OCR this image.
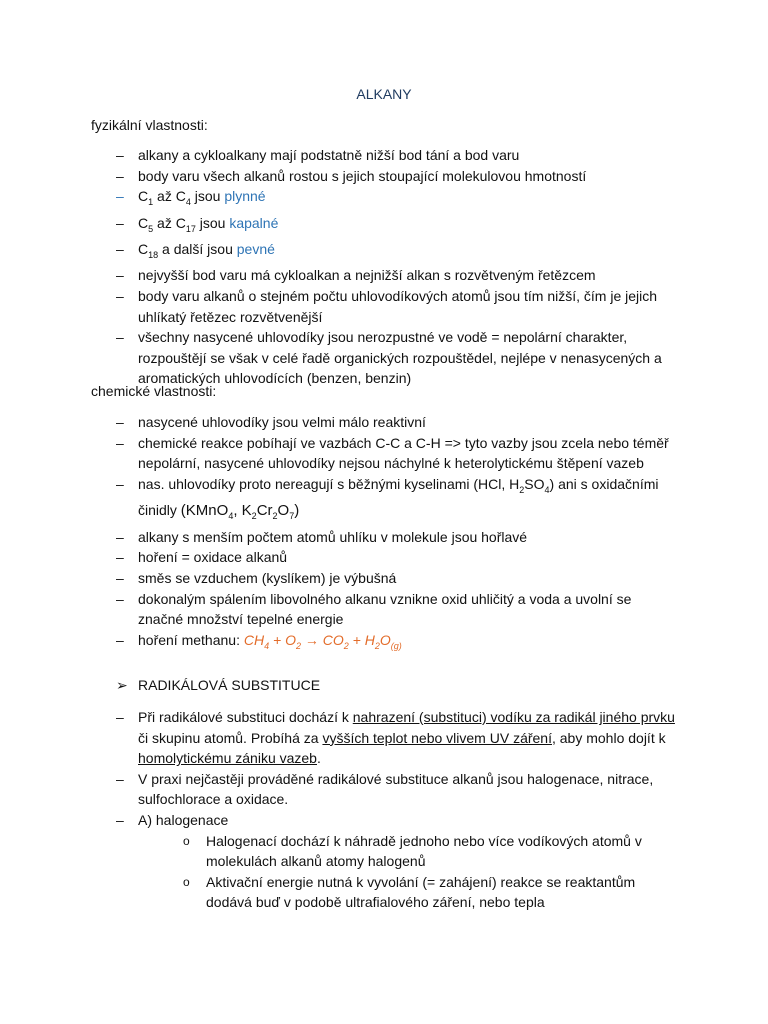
ALKANY
fyzikální vlastnosti:
– alkany a cykloalkany mají podstatně nižší bod tání a bod varu
– body varu všech alkanů rostou s jejich stoupající molekulovou hmotností
– $C_1$ až $C_4$ jsou plynné
– $C_5$ až $C_{17}$ jsou kapalné
– $C_{18}$ a další jsou pevné
– nejvyšší bod varu má cykloalkan a nejnižší alkan s rozvětveným řetězcem
– body varu alkanů o stejném počtu uhlovodíkových atomů jsou tím nižší, čím je jejich uhlíkatý řetězec rozvětvenější
– všechny nasycené uhlovodíky jsou nerozpustné ve vodě = nepolární charakter, rozpouštějí se však v celé řadě organických rozpouštědel, nejlépe v nenasycených a aromatických uhlovodících (benzen, benzin)
chemické vlastnosti:
– nasycené uhlovodíky jsou velmi málo reaktivní
– chemické reakce pobíhají ve vazbách C-C a C-H => tyto vazby jsou zcela nebo téměř nepolární, nasycené uhlovodíky nejsou náchylné k heterolytickému štěpení vazeb
– nas. uhlovodíky proto nereagují s běžnými kyselinami (HCl, $H_2SO_4$) ani s oxidačními činidly (KMnO$_4$, $K_2Cr_2O_7$)
– alkany s menším počtem atomů uhlíku v molekule jsou hořlavé
– hoření = oxidace alkanů
– směs se vzduchem (kyslíkem) je výbušná
– dokonalým spálením libovolného alkanu vznikne oxid uhličitý a voda a uvolní se značné množství tepelné energie
– hoření methanu: $CH_4 + O_2 \to CO_2 + H_2O_{(g)}$
➢ RADIKÁLOVÁ SUBSTITUCE
– Při radikálové substituci dochází k nahrazení (substituci) vodíku za radikál jiného prvku či skupinu atomů. Probíhá za vyšších teplot nebo vlivem UV záření, aby mohlo dojít k homolytickému zániku vazeb.
– V praxi nejčastěji prováděné radikálové substituce alkanů jsou halogenace, nitrace, sulfochlorace a oxidace.
– A) halogenace
o Halogenací dochází k náhradě jednoho nebo více vodíkových atomů v molekulách alkanů atomy halogenů
o Aktivační energie nutná k vyvolání (= zahájení) reakce se reaktantům dodává buď v podobě ultrafialového záření, nebo tepla
